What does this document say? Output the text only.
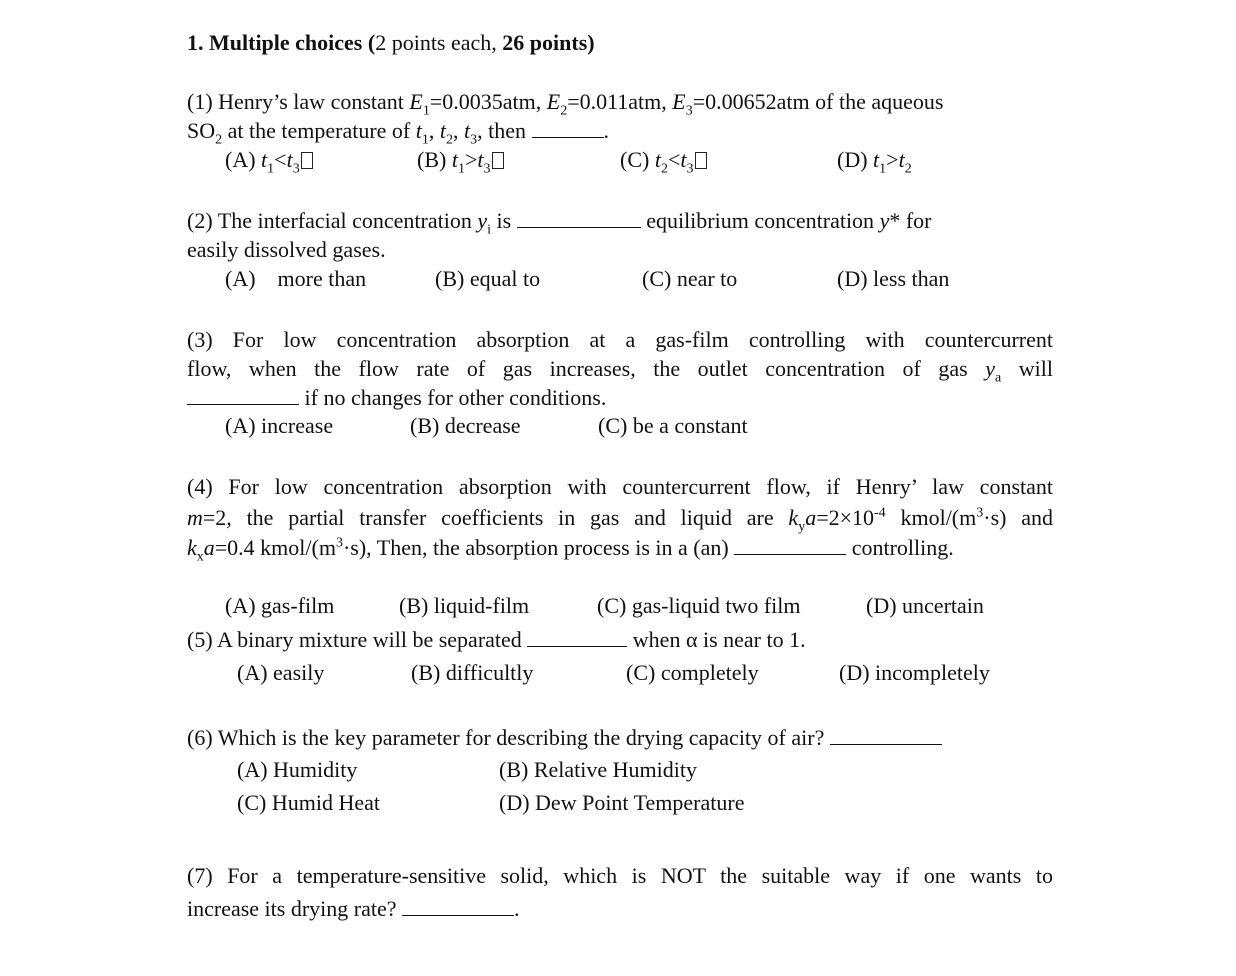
1. Multiple choices (2 points each, 26 points)
(1) Henry’s law constant $E_1=0.0035atm$, $E_2=0.011atm$, $E_3=0.00652atm$ of the aqueous
$SO_2$ at the temperature of $t_1$, $t_2$, $t_3$, then	.
(A) $t_1<t_3$	(B) $t_1>t_3$	(C) $t_2<t_3$	(D) $t_1>t_2$
(2) The interfacial concentration $y_i$ is	equilibrium concentration y* for
easily dissolved gases.
(A)    more than	(B) equal to	(C) near to	(D) less than
(3) For low concentration absorption at a gas-film controlling with countercurrent
flow, when the flow rate of gas increases, the outlet concentration of gas $y_a$ will
if no changes for other conditions.
(A) increase	(B) decrease	(C) be a constant
(4) For low concentration absorption with countercurrent flow, if Henry’ law constant
m=2, the partial transfer coefficients in gas and liquid are $k_ya=2\times 10^{-4}$ kmol/$(m^3\cdot s)$ and
$k_xa=0.4$ kmol/$(m^3\cdot s)$, Then, the absorption process is in a (an)	controlling.
(A) gas-film	(B) liquid-film	(C) gas-liquid two film	(D) uncertain
(5) A binary mixture will be separated	when α is near to 1.
(A) easily	(B) difficultly	(C) completely	(D) incompletely
(6) Which is the key parameter for describing the drying capacity of air?
(A) Humidity	(B) Relative Humidity
(C) Humid Heat	(D) Dew Point Temperature
(7) For a temperature-sensitive solid, which is NOT the suitable way if one wants to
increase its drying rate?	.
